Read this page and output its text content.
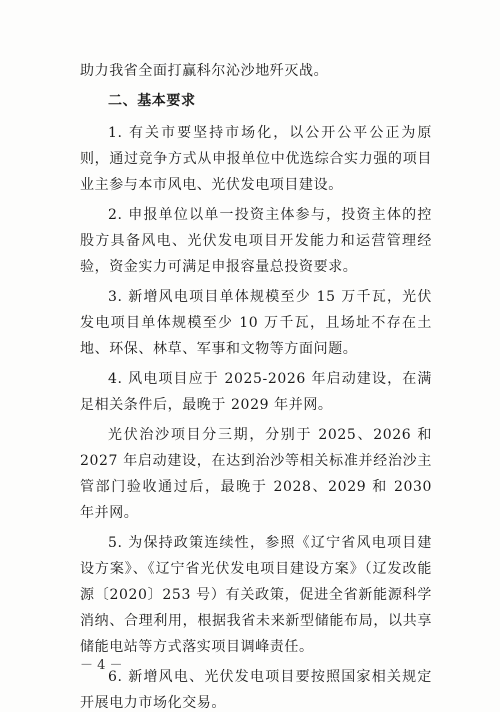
助力我省全面打赢科尔沁沙地歼灭战。

二、基本要求

1. 有关市要坚持市场化，以公开公平公正为原则，通过竞争方式从申报单位中优选综合实力强的项目业主参与本市风电、光伏发电项目建设。

2. 申报单位以单一投资主体参与，投资主体的控股方具备风电、光伏发电项目开发能力和运营管理经验，资金实力可满足申报容量总投资要求。

3. 新增风电项目单体规模至少 15 万千瓦，光伏发电项目单体规模至少 10 万千瓦，且场址不存在土地、环保、林草、军事和文物等方面问题。

4. 风电项目应于 2025-2026 年启动建设，在满足相关条件后，最晚于 2029 年并网。

光伏治沙项目分三期，分别于 2025、2026 和 2027 年启动建设，在达到治沙等相关标准并经治沙主管部门验收通过后，最晚于 2028、2029 和 2030 年并网。

5. 为保持政策连续性，参照《辽宁省风电项目建设方案》、《辽宁省光伏发电项目建设方案》（辽发改能源〔2020〕253 号）有关政策，促进全省新能源科学消纳、合理利用，根据我省未来新型储能布局，以共享储能电站等方式落实项目调峰责任。

6. 新增风电、光伏发电项目要按照国家相关规定开展电力市场化交易。

－ 4 －
